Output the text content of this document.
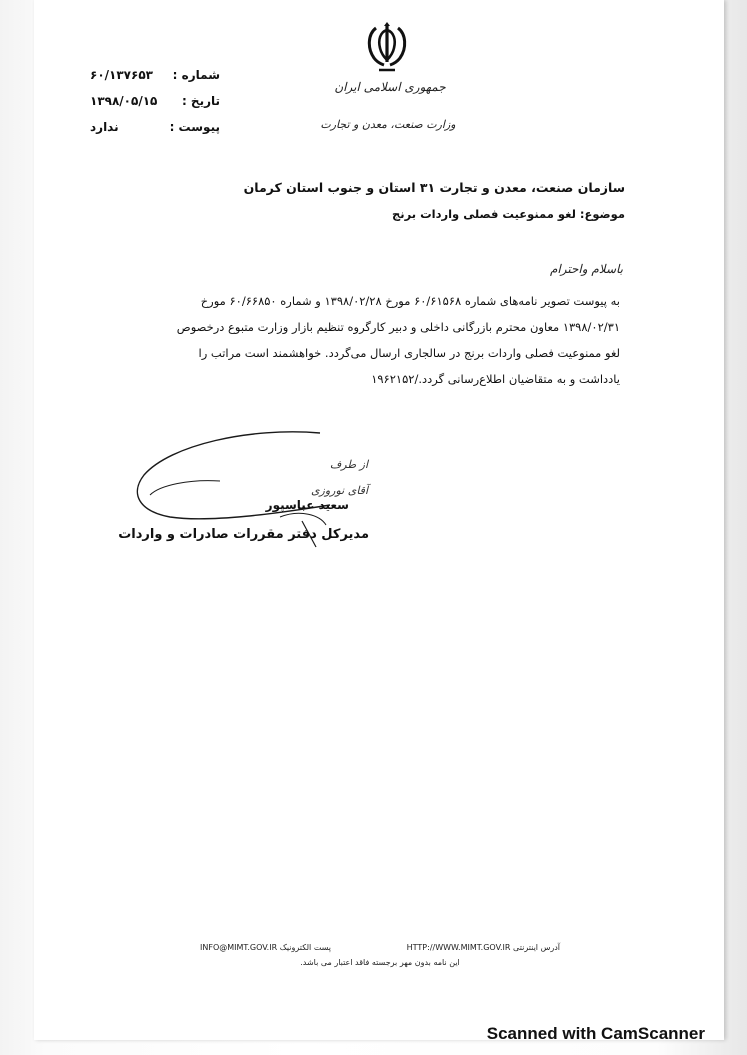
جمهوری اسلامی ایران
وزارت صنعت، معدن و تجارت
شماره :
۶۰/۱۳۷۶۵۳
تاریخ :
۱۳۹۸/۰۵/۱۵
پیوست :
ندارد
سازمان صنعت، معدن و تجارت ۳۱ استان و جنوب استان کرمان
موضوع: لغو ممنوعیت فصلی واردات برنج
باسلام واحترام

به پیوست تصویر نامه‌های شماره ۶۰/۶۱۵۶۸ مورخ ۱۳۹۸/۰۲/۲۸ و شماره ۶۰/۶۶۸۵۰ مورخ

۱۳۹۸/۰۲/۳۱ معاون محترم بازرگانی داخلی و دبیر کارگروه تنظیم بازار وزارت متبوع درخصوص

لغو ممنوعیت فصلی واردات برنج در سالجاری ارسال می‌گردد. خواهشمند است مراتب را

یادداشت و به متقاضیان اطلاع‌رسانی گردد./۱۹۶۲۱۵۲

از طرف
آقای نوروزی
سعید عباسپور
مدیرکل دفتر مقررات صادرات و واردات
INFO@MIMT.GOV.IR پست الکترونیک	HTTP://WWW.MIMT.GOV.IR آدرس اینترنتی
این نامه بدون مهر برجسته فاقد اعتبار می باشد.
Scanned with CamScanner
